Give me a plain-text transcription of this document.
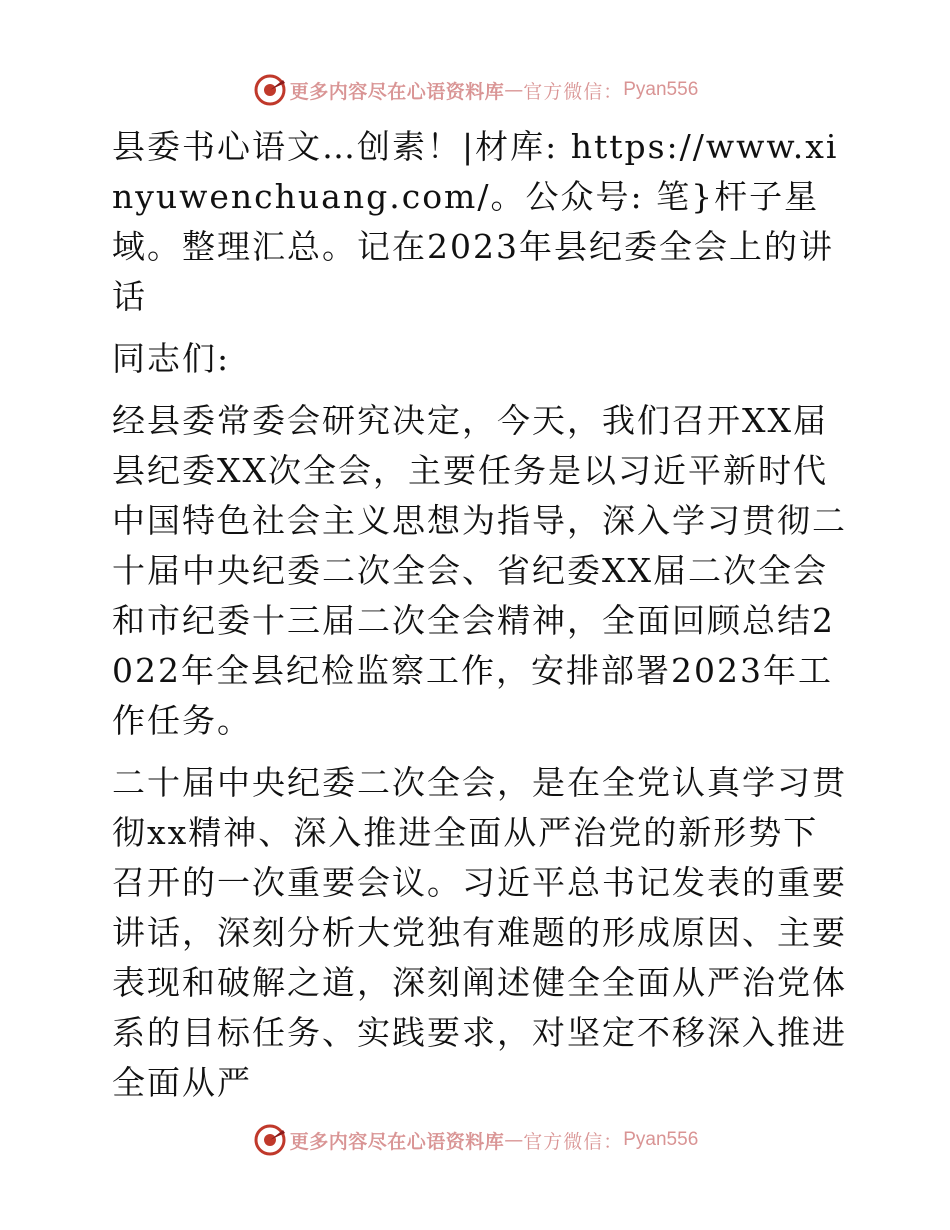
更多内容尽在心语资料库 — 官方微信： Pyan556

县委书心语文…创素！|材库: https://www.xinyuwenchuang.com/。公众号: 笔}杆子星域。整理汇总。记在2023年县纪委全会上的讲话

同志们:

经县委常委会研究决定，今天，我们召开XX届县纪委XX次全会，主要任务是以习近平新时代中国特色社会主义思想为指导，深入学习贯彻二十届中央纪委二次全会、省纪委XX届二次全会和市纪委十三届二次全会精神，全面回顾总结2022年全县纪检监察工作，安排部署2023年工作任务。

二十届中央纪委二次全会，是在全党认真学习贯彻xx精神、深入推进全面从严治党的新形势下召开的一次重要会议。习近平总书记发表的重要讲话，深刻分析大党独有难题的形成原因、主要表现和破解之道，深刻阐述健全全面从严治党体系的目标任务、实践要求，对坚定不移深入推进全面从严

更多内容尽在心语资料库 — 官方微信： Pyan556
